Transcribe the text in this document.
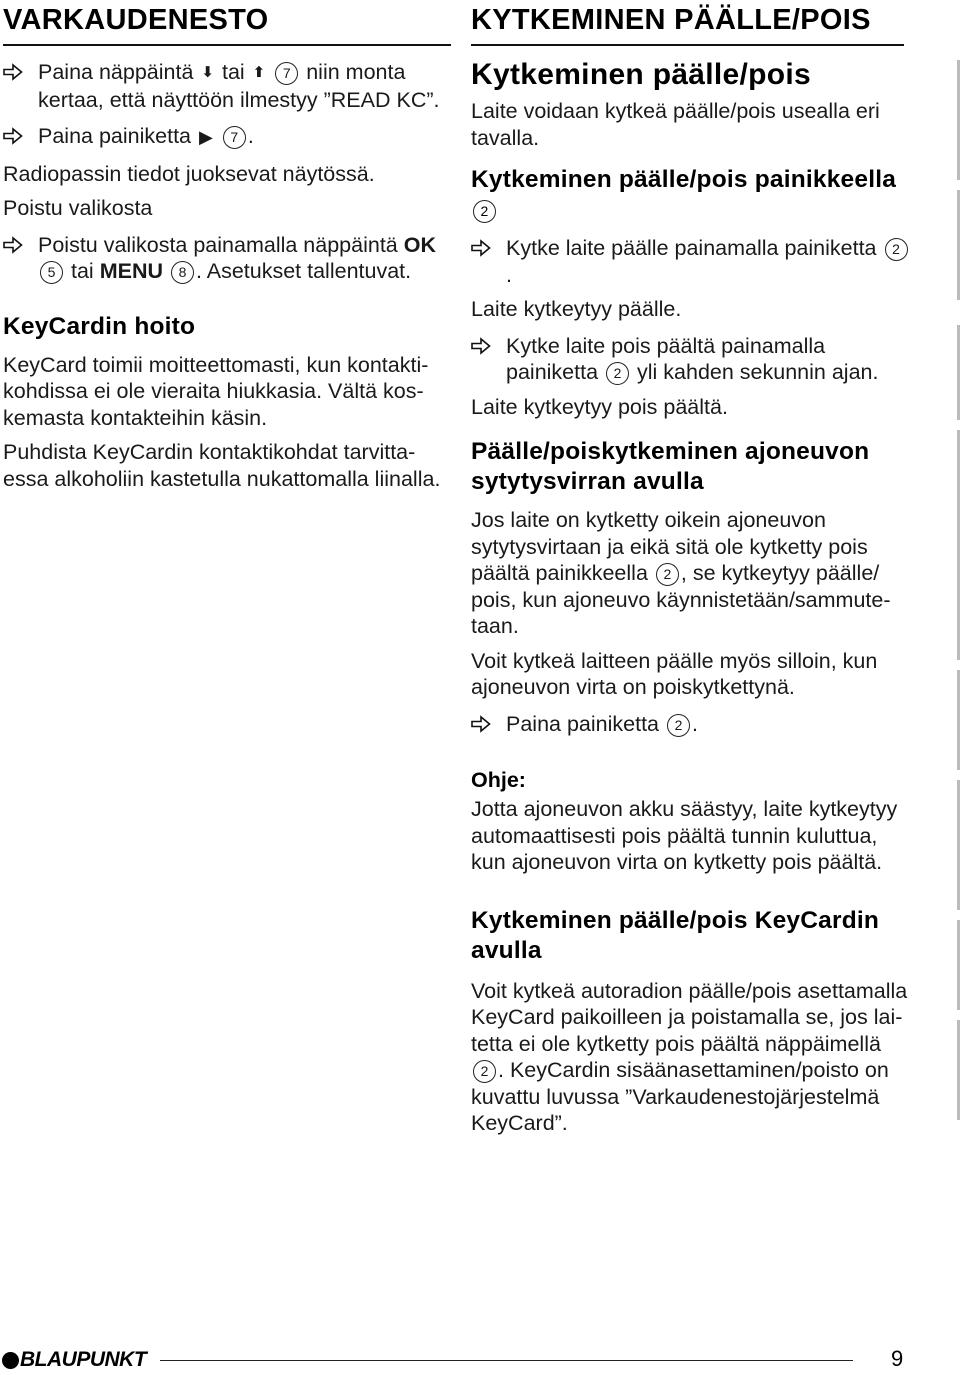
VARKAUDENESTO

Paina näppäintä ⬇ tai ⬆ 7 niin monta kertaa, että näyttöön ilmestyy ”READ KC”.

Paina painiketta ▶ 7 .

Radiopassin tiedot juoksevat näytössä.

Poistu valikosta

Poistu valikosta painamalla näppäintä OK 5 tai MENU 8 . Asetukset tallentuvat.

KeyCardin hoito

KeyCard toimii moitteettomasti, kun kontakti-kohdissa ei ole vieraita hiukkasia. Vältä kos-kemasta kontakteihin käsin.

Puhdista KeyCardin kontaktikohdat tarvitta-essa alkoholiin kastetulla nukattomalla liinalla.

KYTKEMINEN PÄÄLLE/POIS

Kytkeminen päälle/pois

Laite voidaan kytkeä päälle/pois usealla eri tavalla.

Kytkeminen päälle/pois painikkeella 2

Kytke laite päälle painamalla painiketta 2.

Laite kytkeytyy päälle.

Kytke laite pois päältä painamalla painiketta 2 yli kahden sekunnin ajan.

Laite kytkeytyy pois päältä.

Päälle/poiskytkeminen ajoneuvon sytytysvirran avulla

Jos laite on kytketty oikein ajoneuvon sytytysvirtaan ja eikä sitä ole kytketty pois päältä painikkeella 2 , se kytkeytyy päälle/ pois, kun ajoneuvo käynnistetään/sammute-taan.

Voit kytkeä laitteen päälle myös silloin, kun ajoneuvon virta on poiskytkettynä.

Paina painiketta 2 .

Ohje:

Jotta ajoneuvon akku säästyy, laite kytkeytyy automaattisesti pois päältä tunnin kuluttua, kun ajoneuvon virta on kytketty pois päältä.

Kytkeminen päälle/pois KeyCardin avulla

Voit kytkeä autoradion päälle/pois asettamalla KeyCard paikoilleen ja poistamalla se, jos lai-tetta ei ole kytketty pois päältä näppäimellä 2 . KeyCardin sisäänasettaminen/poisto on kuvattu luvussa ”Varkaudenestojärjestelmä KeyCard”.

BLAUPUNKT	9
